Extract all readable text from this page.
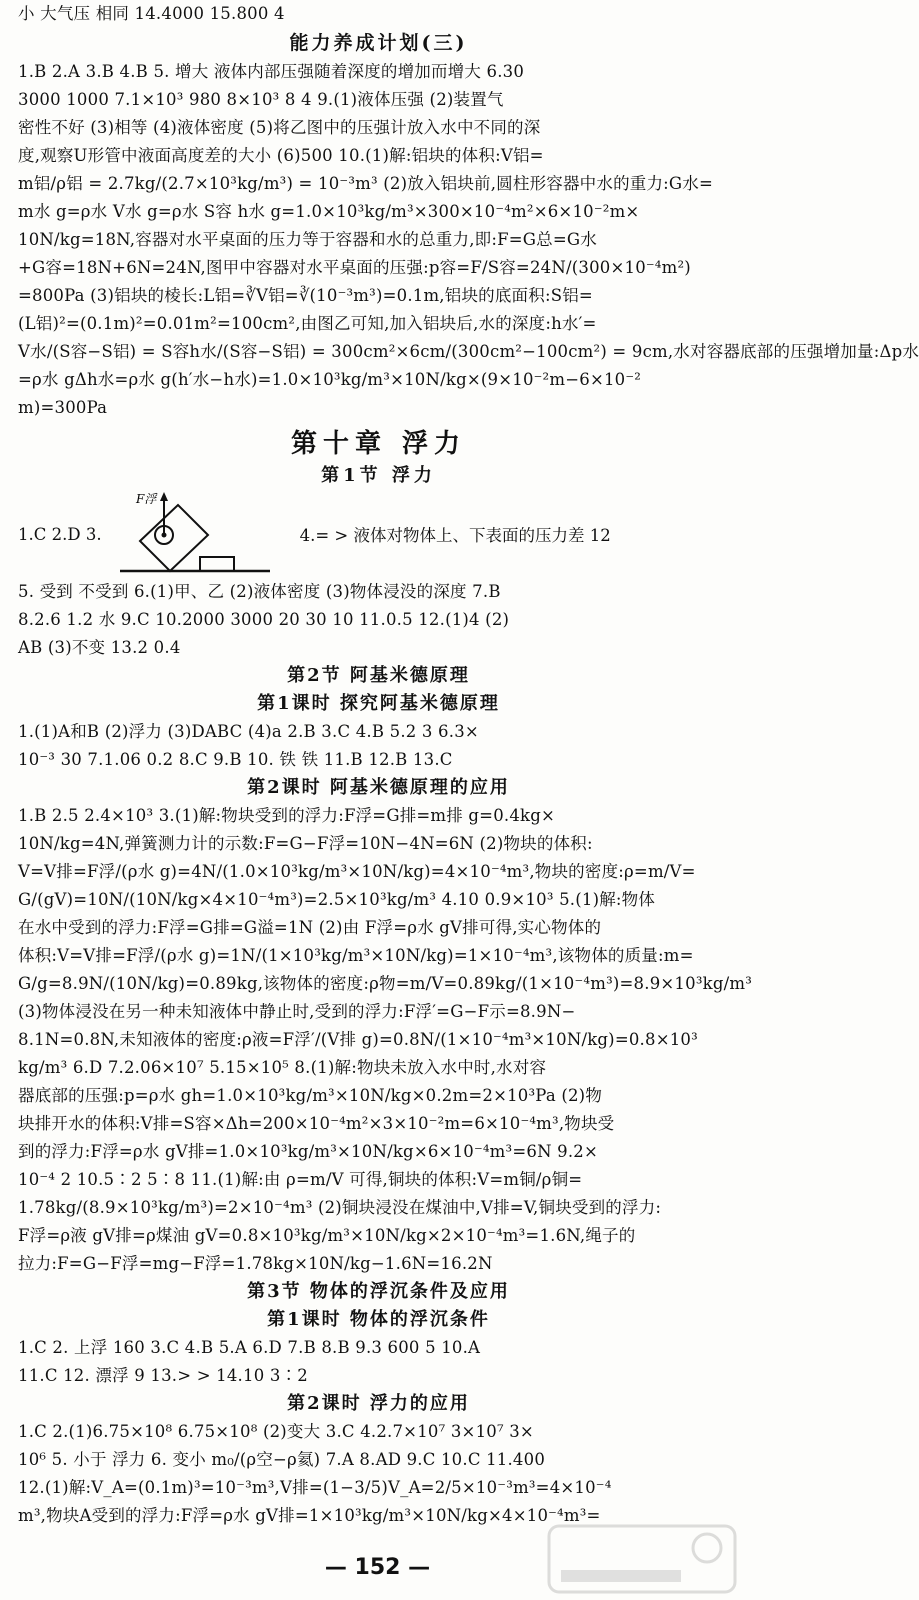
小 大气压 相同 14.4000 15.800 4
能力养成计划(三)
1.B 2.A 3.B 4.B 5. 增大 液体内部压强随着深度的增加而增大 6.30
3000 1000 7.1×10³ 980 8×10³ 8 4 9.(1)液体压强 (2)装置气
密性不好 (3)相等 (4)液体密度 (5)将乙图中的压强计放入水中不同的深
度,观察U形管中液面高度差的大小 (6)500 10.(1)解:铝块的体积:V铝=
m铝/ρ铝 = 2.7kg/(2.7×10³kg/m³) = 10⁻³m³ (2)放入铝块前,圆柱形容器中水的重力:G水=
m水 g=ρ水 V水 g=ρ水 S容 h水 g=1.0×10³kg/m³×300×10⁻⁴m²×6×10⁻²m×
10N/kg=18N,容器对水平桌面的压力等于容器和水的总重力,即:F=G总=G水
+G容=18N+6N=24N,图甲中容器对水平桌面的压强:p容=F/S容=24N/(300×10⁻⁴m²)
=800Pa (3)铝块的棱长:L铝=∛V铝=∛(10⁻³m³)=0.1m,铝块的底面积:S铝=
(L铝)²=(0.1m)²=0.01m²=100cm²,由图乙可知,加入铝块后,水的深度:h水′=
V水/(S容−S铝) = S容h水/(S容−S铝) = 300cm²×6cm/(300cm²−100cm²) = 9cm,水对容器底部的压强增加量:Δp水
=ρ水 gΔh水=ρ水 g(h′水−h水)=1.0×10³kg/m³×10N/kg×(9×10⁻²m−6×10⁻²
m)=300Pa
第十章 浮力
第1节 浮力
1.C 2.D 3.
F浮
4.= > 液体对物体上、下表面的压力差 12
5. 受到 不受到 6.(1)甲、乙 (2)液体密度 (3)物体浸没的深度 7.B
8.2.6 1.2 水 9.C 10.2000 3000 20 30 10 11.0.5 12.(1)4 (2)
AB (3)不变 13.2 0.4
第2节 阿基米德原理
第1课时 探究阿基米德原理
1.(1)A和B (2)浮力 (3)DABC (4)a 2.B 3.C 4.B 5.2 3 6.3×
10⁻³ 30 7.1.06 0.2 8.C 9.B 10. 铁 铁 11.B 12.B 13.C
第2课时 阿基米德原理的应用
1.B 2.5 2.4×10³ 3.(1)解:物块受到的浮力:F浮=G排=m排 g=0.4kg×
10N/kg=4N,弹簧测力计的示数:F=G−F浮=10N−4N=6N (2)物块的体积:
V=V排=F浮/(ρ水 g)=4N/(1.0×10³kg/m³×10N/kg)=4×10⁻⁴m³,物块的密度:ρ=m/V=
G/(gV)=10N/(10N/kg×4×10⁻⁴m³)=2.5×10³kg/m³ 4.10 0.9×10³ 5.(1)解:物体
在水中受到的浮力:F浮=G排=G溢=1N (2)由 F浮=ρ水 gV排可得,实心物体的
体积:V=V排=F浮/(ρ水 g)=1N/(1×10³kg/m³×10N/kg)=1×10⁻⁴m³,该物体的质量:m=
G/g=8.9N/(10N/kg)=0.89kg,该物体的密度:ρ物=m/V=0.89kg/(1×10⁻⁴m³)=8.9×10³kg/m³
(3)物体浸没在另一种未知液体中静止时,受到的浮力:F浮′=G−F示=8.9N−
8.1N=0.8N,未知液体的密度:ρ液=F浮′/(V排 g)=0.8N/(1×10⁻⁴m³×10N/kg)=0.8×10³
kg/m³ 6.D 7.2.06×10⁷ 5.15×10⁵ 8.(1)解:物块未放入水中时,水对容
器底部的压强:p=ρ水 gh=1.0×10³kg/m³×10N/kg×0.2m=2×10³Pa (2)物
块排开水的体积:V排=S容×Δh=200×10⁻⁴m²×3×10⁻²m=6×10⁻⁴m³,物块受
到的浮力:F浮=ρ水 gV排=1.0×10³kg/m³×10N/kg×6×10⁻⁴m³=6N 9.2×
10⁻⁴ 2 10.5∶2 5∶8 11.(1)解:由 ρ=m/V 可得,铜块的体积:V=m铜/ρ铜=
1.78kg/(8.9×10³kg/m³)=2×10⁻⁴m³ (2)铜块浸没在煤油中,V排=V,铜块受到的浮力:
F浮=ρ液 gV排=ρ煤油 gV=0.8×10³kg/m³×10N/kg×2×10⁻⁴m³=1.6N,绳子的
拉力:F=G−F浮=mg−F浮=1.78kg×10N/kg−1.6N=16.2N
第3节 物体的浮沉条件及应用
第1课时 物体的浮沉条件
1.C 2. 上浮 160 3.C 4.B 5.A 6.D 7.B 8.B 9.3 600 5 10.A
11.C 12. 漂浮 9 13.> > 14.10 3∶2
第2课时 浮力的应用
1.C 2.(1)6.75×10⁸ 6.75×10⁸ (2)变大 3.C 4.2.7×10⁷ 3×10⁷ 3×
10⁶ 5. 小于 浮力 6. 变小 m₀/(ρ空−ρ氦) 7.A 8.AD 9.C 10.C 11.400
12.(1)解:V_A=(0.1m)³=10⁻³m³,V排=(1−3/5)V_A=2/5×10⁻³m³=4×10⁻⁴
m³,物块A受到的浮力:F浮=ρ水 gV排=1×10³kg/m³×10N/kg×4×10⁻⁴m³=
— 152 —
